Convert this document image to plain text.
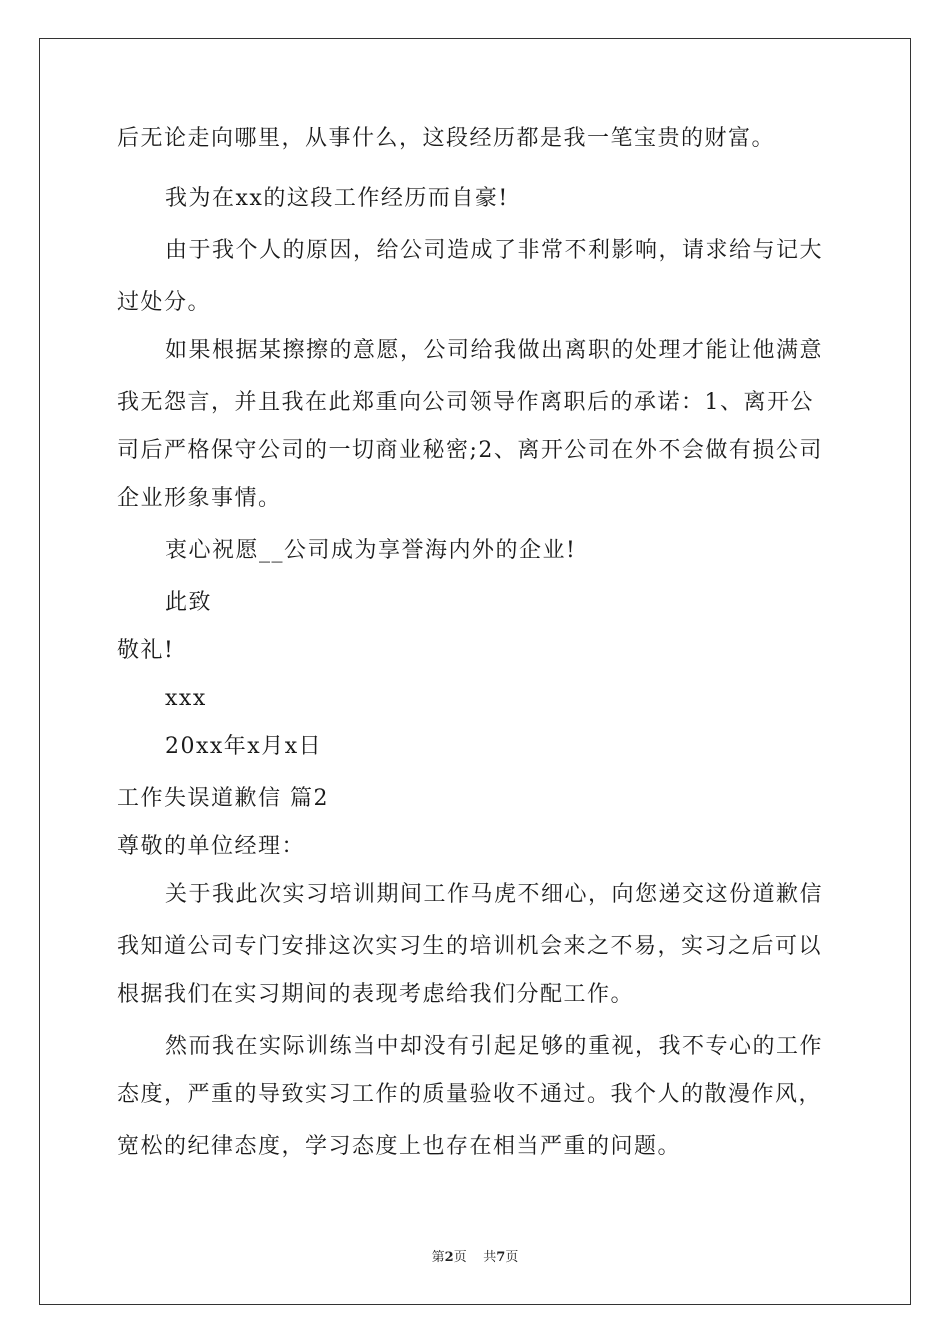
后无论走向哪里，从事什么，这段经历都是我一笔宝贵的财富。
我为在xx的这段工作经历而自豪!
由于我个人的原因，给公司造成了非常不利影响，请求给与记大
过处分。
如果根据某擦擦的意愿，公司给我做出离职的处理才能让他满意
我无怨言，并且我在此郑重向公司领导作离职后的承诺：1、离开公
司后严格保守公司的一切商业秘密;2、离开公司在外不会做有损公司
企业形象事情。
衷心祝愿__公司成为享誉海内外的企业!
此致
敬礼!
xxx
20xx年x月x日
工作失误道歉信 篇2
尊敬的单位经理：
关于我此次实习培训期间工作马虎不细心，向您递交这份道歉信
我知道公司专门安排这次实习生的培训机会来之不易，实习之后可以
根据我们在实习期间的表现考虑给我们分配工作。
然而我在实际训练当中却没有引起足够的重视，我不专心的工作
态度，严重的导致实习工作的质量验收不通过。我个人的散漫作风，
宽松的纪律态度，学习态度上也存在相当严重的问题。
第2页 共7页
